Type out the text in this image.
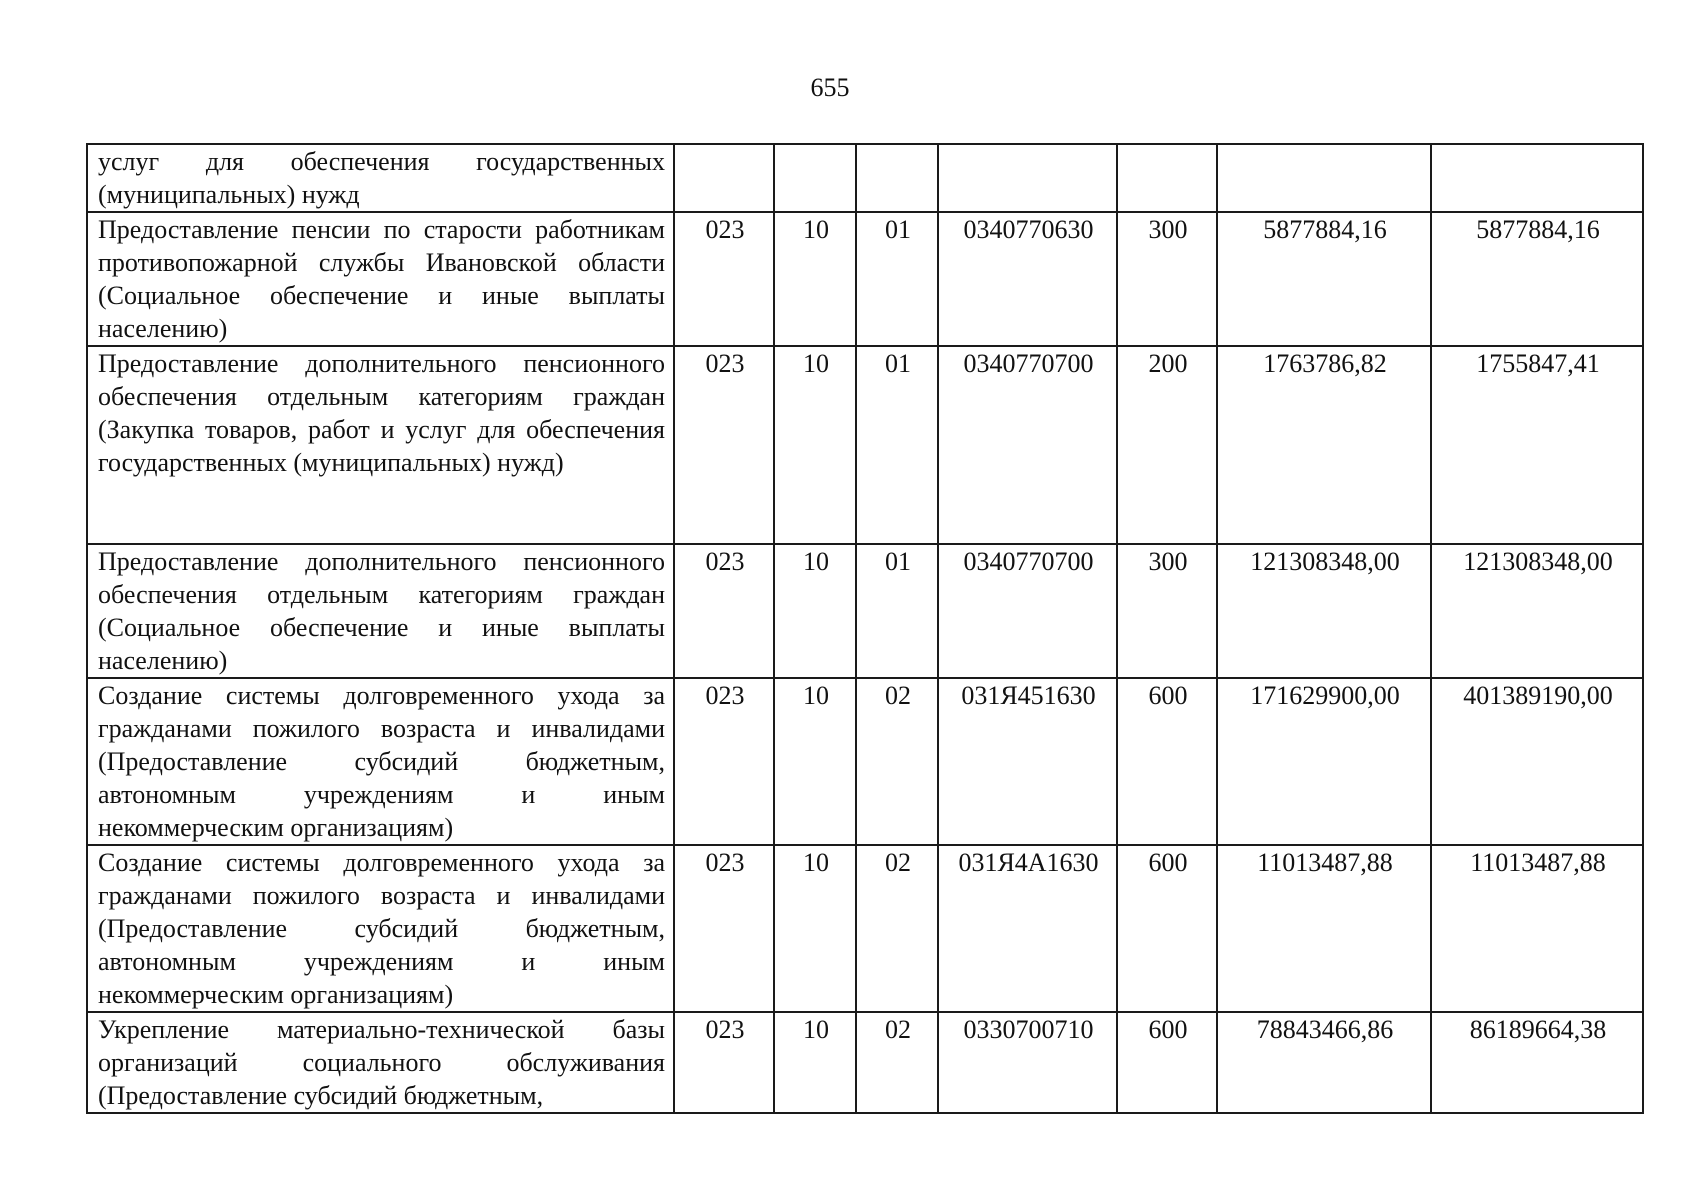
655
услуг для обеспечения государственных (муниципальных) нужд							
Предоставление пенсии по старости работникам противопожарной службы Ивановской области (Социальное обеспечение и иные выплаты населению)	023	10	01	0340770630	300	5877884,16	5877884,16
Предоставление дополнительного пенсионного обеспечения отдельным категориям граждан (Закупка товаров, работ и услуг для обеспечения государственных (муниципальных) нужд)	023	10	01	0340770700	200	1763786,82	1755847,41
Предоставление дополнительного пенсионного обеспечения отдельным категориям граждан (Социальное обеспечение и иные выплаты населению)	023	10	01	0340770700	300	121308348,00	121308348,00
Создание системы долговременного ухода за гражданами пожилого возраста и инвалидами (Предоставление субсидий бюджетным, автономным учреждениям и иным некоммерческим организациям)	023	10	02	031Я451630	600	171629900,00	401389190,00
Создание системы долговременного ухода за гражданами пожилого возраста и инвалидами (Предоставление субсидий бюджетным, автономным учреждениям и иным некоммерческим организациям)	023	10	02	031Я4А1630	600	11013487,88	11013487,88
Укрепление материально-технической базы организаций социального обслуживания (Предоставление субсидий бюджетным,	023	10	02	0330700710	600	78843466,86	86189664,38
